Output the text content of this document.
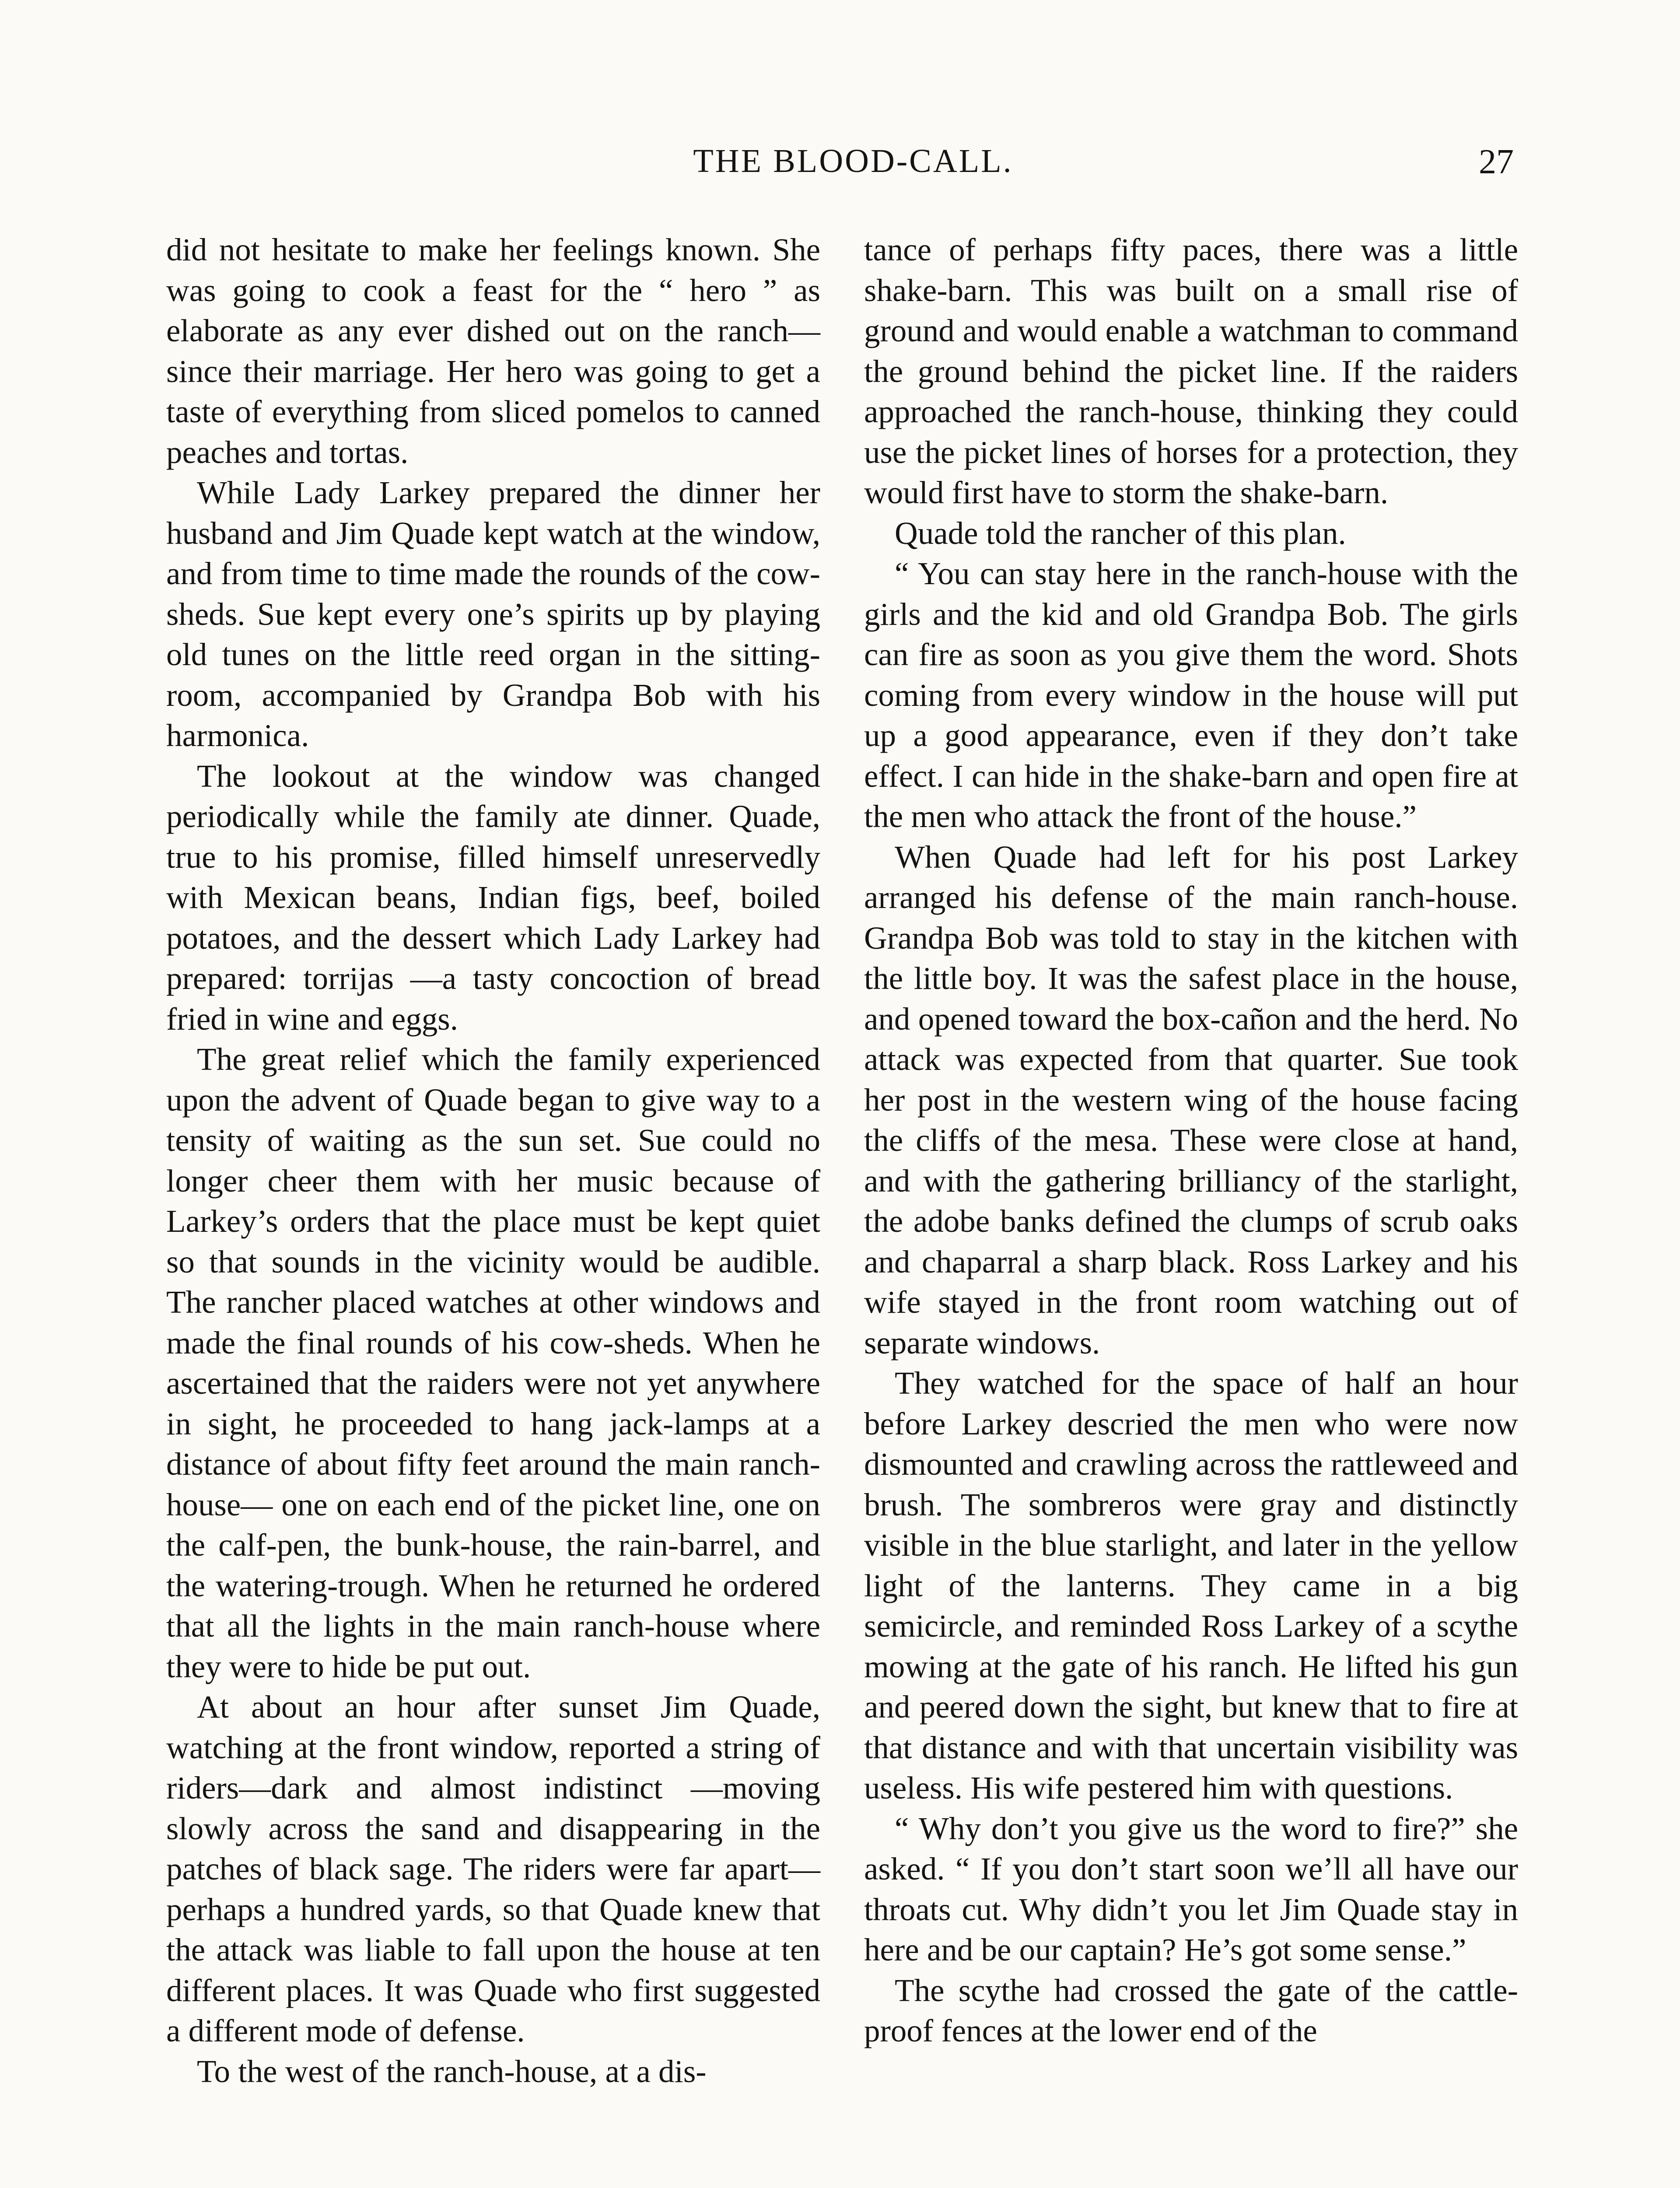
THE BLOOD-CALL.	27

did not hesitate to make her feelings known. She was going to cook a feast for the “ hero ” as elaborate as any ever dished out on the ranch—since their marriage. Her hero was going to get a taste of everything from sliced pomelos to canned peaches and tortas.

While Lady Larkey prepared the dinner her husband and Jim Quade kept watch at the window, and from time to time made the rounds of the cow-sheds. Sue kept every one’s spirits up by playing old tunes on the little reed organ in the sitting-room, accompanied by Grandpa Bob with his harmonica.

The lookout at the window was changed periodically while the family ate dinner. Quade, true to his promise, filled himself unreservedly with Mexican beans, Indian figs, beef, boiled potatoes, and the dessert which Lady Larkey had prepared: torrijas —a tasty concoction of bread fried in wine and eggs.

The great relief which the family experienced upon the advent of Quade began to give way to a tensity of waiting as the sun set. Sue could no longer cheer them with her music because of Larkey’s orders that the place must be kept quiet so that sounds in the vicinity would be audible. The rancher placed watches at other windows and made the final rounds of his cow-sheds. When he ascertained that the raiders were not yet anywhere in sight, he proceeded to hang jack-lamps at a distance of about fifty feet around the main ranch-house— one on each end of the picket line, one on the calf-pen, the bunk-house, the rain-barrel, and the watering-trough. When he returned he ordered that all the lights in the main ranch-house where they were to hide be put out.

At about an hour after sunset Jim Quade, watching at the front window, reported a string of riders—dark and almost indistinct —moving slowly across the sand and disappearing in the patches of black sage. The riders were far apart—perhaps a hundred yards, so that Quade knew that the attack was liable to fall upon the house at ten different places. It was Quade who first suggested a different mode of defense.

To the west of the ranch-house, at a dis-

tance of perhaps fifty paces, there was a little shake-barn. This was built on a small rise of ground and would enable a watchman to command the ground behind the picket line. If the raiders approached the ranch-house, thinking they could use the picket lines of horses for a protection, they would first have to storm the shake-barn.

Quade told the rancher of this plan.

“ You can stay here in the ranch-house with the girls and the kid and old Grandpa Bob. The girls can fire as soon as you give them the word. Shots coming from every window in the house will put up a good appearance, even if they don’t take effect. I can hide in the shake-barn and open fire at the men who attack the front of the house.”

When Quade had left for his post Larkey arranged his defense of the main ranch-house. Grandpa Bob was told to stay in the kitchen with the little boy. It was the safest place in the house, and opened toward the box-cañon and the herd. No attack was expected from that quarter. Sue took her post in the western wing of the house facing the cliffs of the mesa. These were close at hand, and with the gathering brilliancy of the starlight, the adobe banks defined the clumps of scrub oaks and chaparral a sharp black. Ross Larkey and his wife stayed in the front room watching out of separate windows.

They watched for the space of half an hour before Larkey descried the men who were now dismounted and crawling across the rattleweed and brush. The sombreros were gray and distinctly visible in the blue starlight, and later in the yellow light of the lanterns. They came in a big semicircle, and reminded Ross Larkey of a scythe mowing at the gate of his ranch. He lifted his gun and peered down the sight, but knew that to fire at that distance and with that uncertain visibility was useless. His wife pestered him with questions.

“ Why don’t you give us the word to fire?” she asked. “ If you don’t start soon we’ll all have our throats cut. Why didn’t you let Jim Quade stay in here and be our captain? He’s got some sense.”

The scythe had crossed the gate of the cattle-proof fences at the lower end of the
